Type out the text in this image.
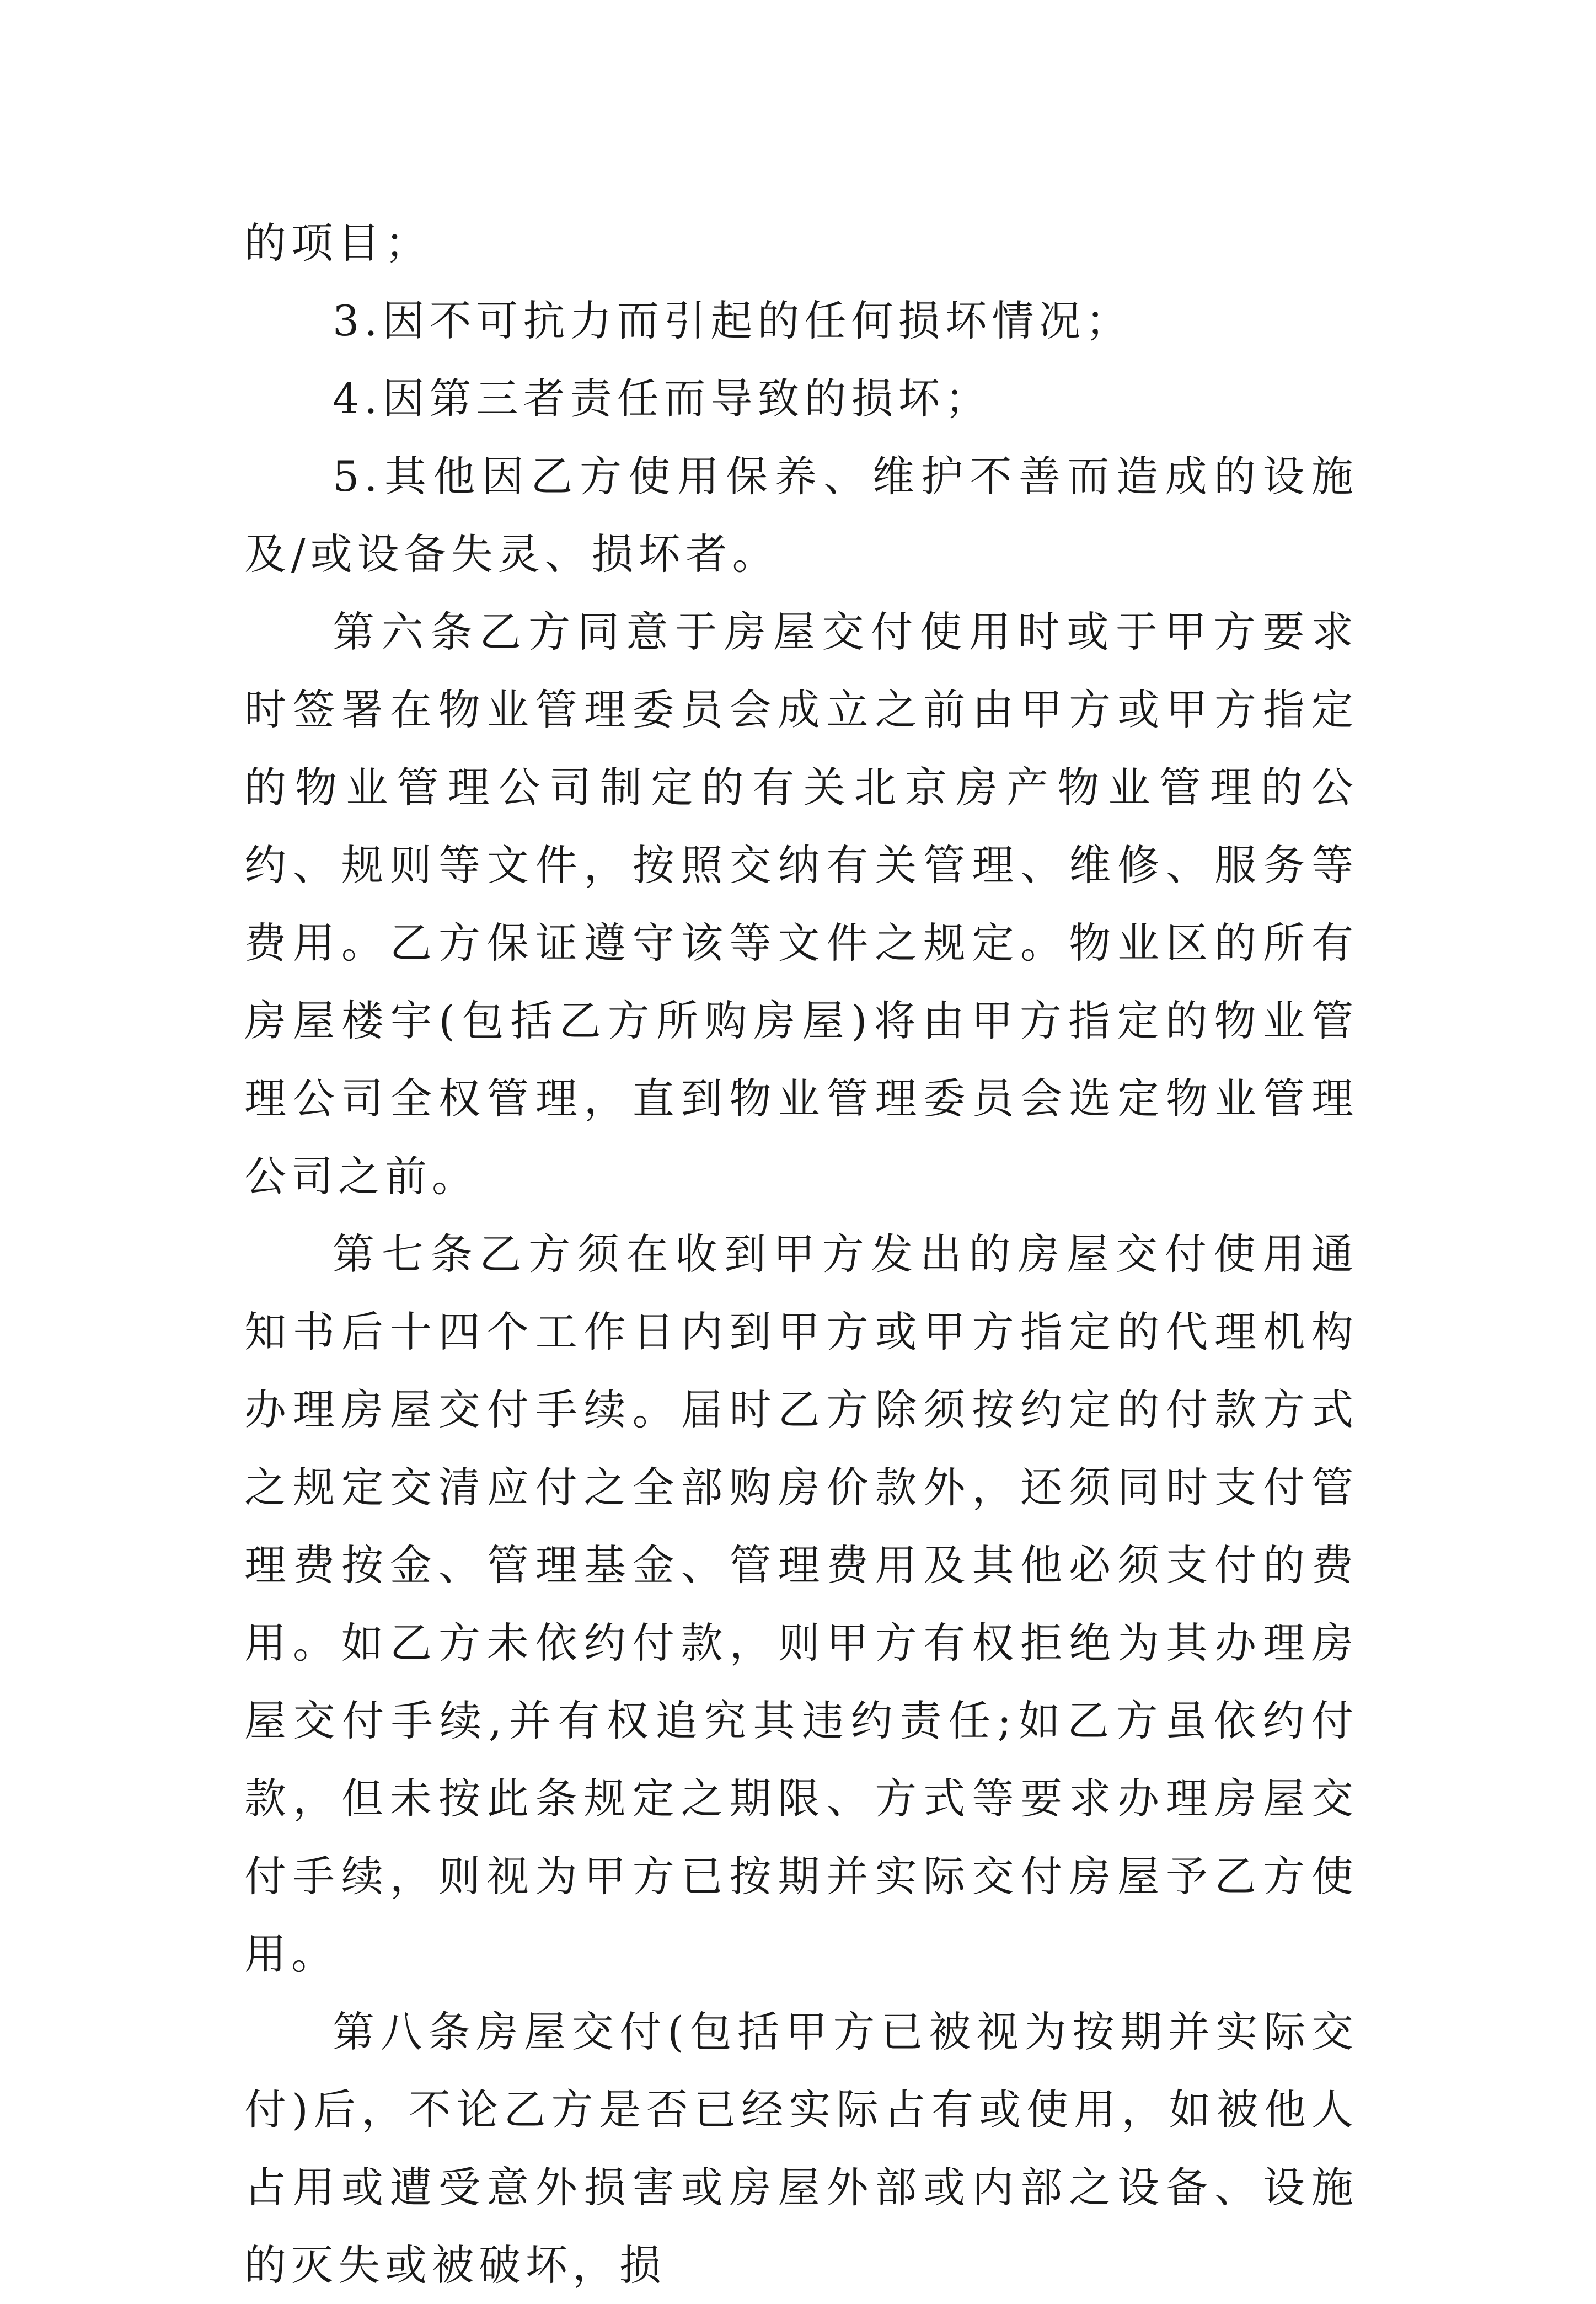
的项目；

3.因不可抗力而引起的任何损坏情况；

4.因第三者责任而导致的损坏；

5.其他因乙方使用保养、维护不善而造成的设施及/或设备失灵、损坏者。

第六条乙方同意于房屋交付使用时或于甲方要求时签署在物业管理委员会成立之前由甲方或甲方指定的物业管理公司制定的有关北京房产物业管理的公约、规则等文件，按照交纳有关管理、维修、服务等费用。乙方保证遵守该等文件之规定。物业区的所有房屋楼宇(包括乙方所购房屋)将由甲方指定的物业管理公司全权管理，直到物业管理委员会选定物业管理公司之前。

第七条乙方须在收到甲方发出的房屋交付使用通知书后十四个工作日内到甲方或甲方指定的代理机构办理房屋交付手续。届时乙方除须按约定的付款方式之规定交清应付之全部购房价款外，还须同时支付管理费按金、管理基金、管理费用及其他必须支付的费用。如乙方未依约付款，则甲方有权拒绝为其办理房屋交付手续,并有权追究其违约责任;如乙方虽依约付款，但未按此条规定之期限、方式等要求办理房屋交付手续，则视为甲方已按期并实际交付房屋予乙方使用。

第八条房屋交付(包括甲方已被视为按期并实际交付)后，不论乙方是否已经实际占有或使用，如被他人占用或遭受意外损害或房屋外部或内部之设备、设施的灭失或被破坏，损
